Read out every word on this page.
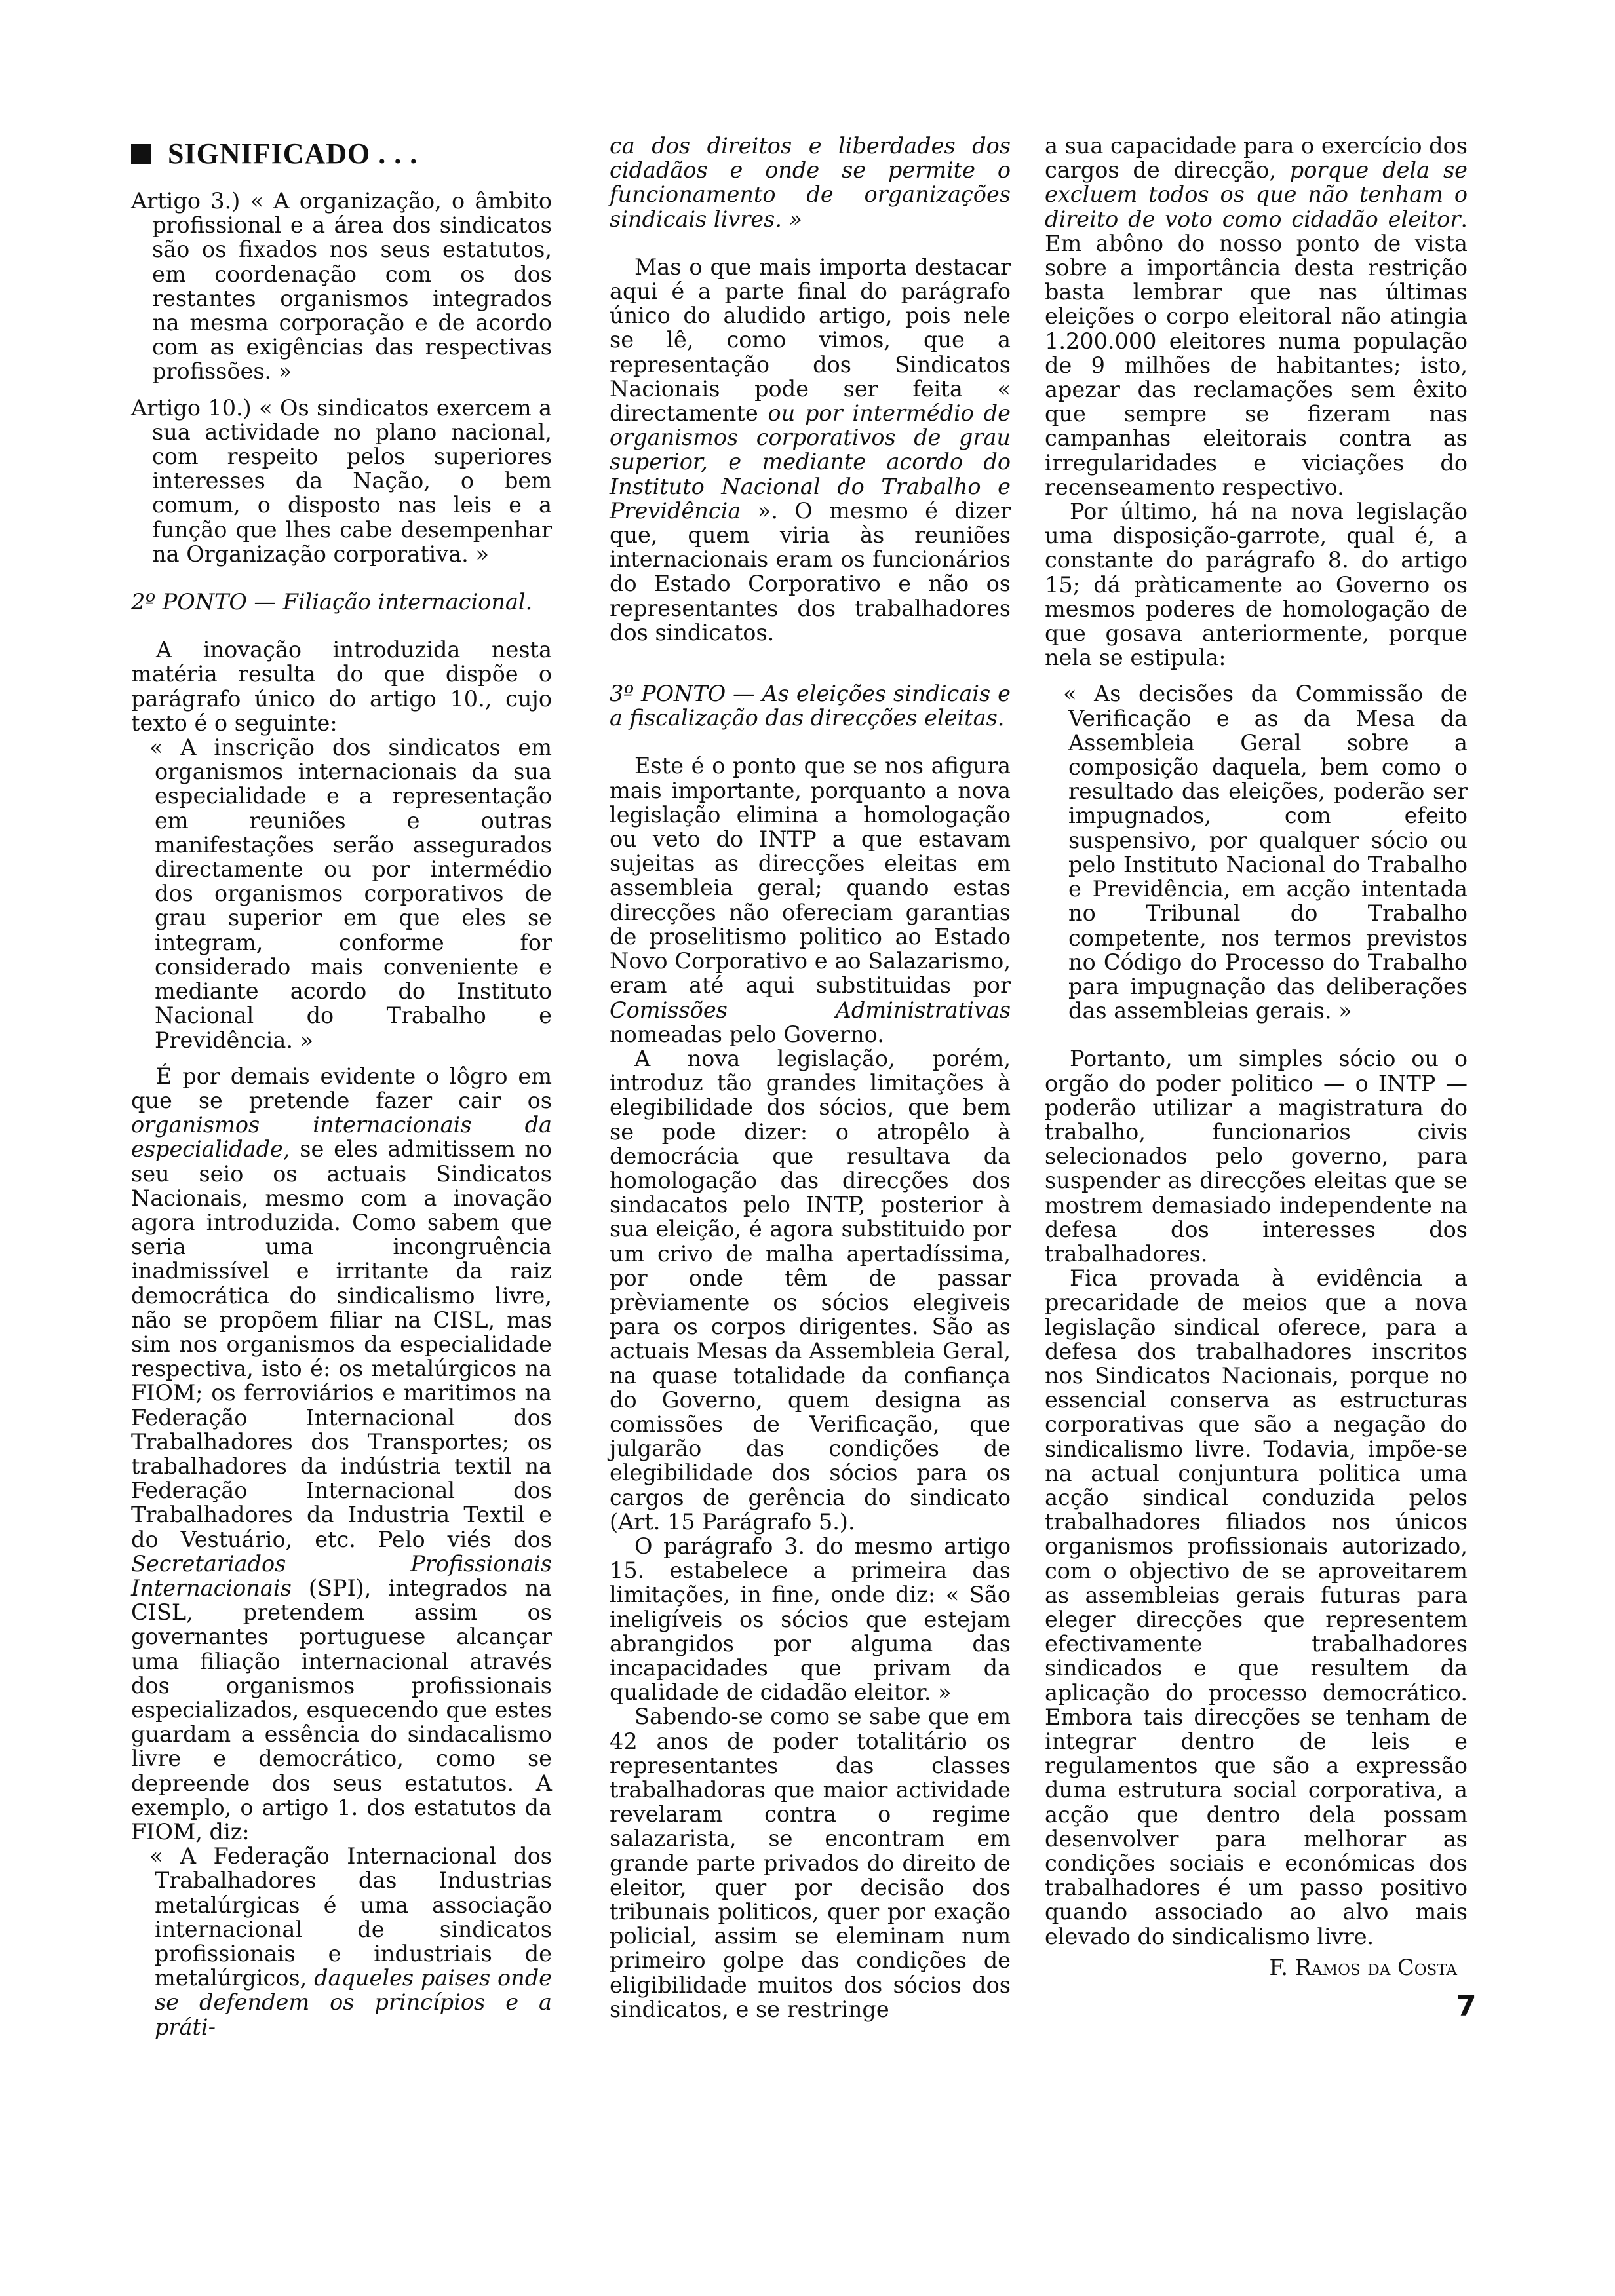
SIGNIFICADO . . .

Artigo 3.) « A organização, o âmbito profissional e a área dos sindicatos são os fixados nos seus estatutos, em coordenação com os dos restantes organismos integrados na mesma corporação e de acordo com as exigências das respectivas profissões. »

Artigo 10.) « Os sindicatos exercem a sua actividade no plano nacional, com respeito pelos superiores interesses da Nação, o bem comum, o disposto nas leis e a função que lhes cabe desempenhar na Organização corporativa. »

2º PONTO — Filiação internacional.

A inovação introduzida nesta matéria resulta do que dispõe o parágrafo único do artigo 10., cujo texto é o seguinte:

« A inscrição dos sindicatos em organismos internacionais da sua especialidade e a representação em reuniões e outras manifestações serão assegurados directamente ou por intermédio dos organismos corporativos de grau superior em que eles se integram, conforme for considerado mais conveniente e mediante acordo do Instituto Nacional do Trabalho e Previdência. »

É por demais evidente o lôgro em que se pretende fazer cair os organismos internacionais da especialidade, se eles admitissem no seu seio os actuais Sindicatos Nacionais, mesmo com a inovação agora introduzida. Como sabem que seria uma incongruência inadmissível e irritante da raiz democrática do sindicalismo livre, não se propõem filiar na CISL, mas sim nos organismos da especialidade respectiva, isto é: os metalúrgicos na FIOM; os ferroviários e maritimos na Federação Internacional dos Trabalhadores dos Transportes; os trabalhadores da indústria textil na Federação Internacional dos Trabalhadores da Industria Textil e do Vestuário, etc. Pelo viés dos Secretariados Profissionais Internacionais (SPI), integrados na CISL, pretendem assim os governantes portuguese alcançar uma filiação internacional através dos organismos profissionais especializados, esquecendo que estes guardam a essência do sindacalismo livre e democrático, como se depreende dos seus estatutos. A exemplo, o artigo 1. dos estatutos da FIOM, diz:

« A Federação Internacional dos Trabalhadores das Industrias metalúrgicas é uma associação internacional de sindicatos profissionais e industriais de metalúrgicos, daqueles paises onde se defendem os princípios e a práti-

ca dos direitos e liberdades dos cidadãos e onde se permite o funcionamento de organizações sindicais livres. »

Mas o que mais importa destacar aqui é a parte final do parágrafo único do aludido artigo, pois nele se lê, como vimos, que a representação dos Sindicatos Nacionais pode ser feita « directamente ou por intermédio de organismos corporativos de grau superior, e mediante acordo do Instituto Nacional do Trabalho e Previdência ». O mesmo é dizer que, quem viria às reuniões internacionais eram os funcionários do Estado Corporativo e não os representantes dos trabalhadores dos sindicatos.

3º PONTO — As eleições sindicais e a fiscalização das direcções eleitas.

Este é o ponto que se nos afigura mais importante, porquanto a nova legislação elimina a homologação ou veto do INTP a que estavam sujeitas as direcções eleitas em assembleia geral; quando estas direcções não ofereciam garantias de proselitismo politico ao Estado Novo Corporativo e ao Salazarismo, eram até aqui substituidas por Comissões Administrativas nomeadas pelo Governo.

A nova legislação, porém, introduz tão grandes limitações à elegibilidade dos sócios, que bem se pode dizer: o atropêlo à democrácia que resultava da homologação das direcções dos sindacatos pelo INTP, posterior à sua eleição, é agora substituido por um crivo de malha apertadíssima, por onde têm de passar prèviamente os sócios elegiveis para os corpos dirigentes. São as actuais Mesas da Assembleia Geral, na quase totalidade da confiança do Governo, quem designa as comissões de Verificação, que julgarão das condições de elegibilidade dos sócios para os cargos de gerência do sindicato (Art. 15 Parágrafo 5.).

O parágrafo 3. do mesmo artigo 15. estabelece a primeira das limitações, in fine, onde diz: « São ineligíveis os sócios que estejam abrangidos por alguma das incapacidades que privam da qualidade de cidadão eleitor. »

Sabendo-se como se sabe que em 42 anos de poder totalitário os representantes das classes trabalhadoras que maior actividade revelaram contra o regime salazarista, se encontram em grande parte privados do direito de eleitor, quer por decisão dos tribunais politicos, quer por exação policial, assim se eleminam num primeiro golpe das condições de eligibilidade muitos dos sócios dos sindicatos, e se restringe

a sua capacidade para o exercício dos cargos de direcção, porque dela se excluem todos os que não tenham o direito de voto como cidadão eleitor. Em abôno do nosso ponto de vista sobre a importância desta restrição basta lembrar que nas últimas eleições o corpo eleitoral não atingia 1.200.000 eleitores numa população de 9 milhões de habitantes; isto, apezar das reclamações sem êxito que sempre se fizeram nas campanhas eleitorais contra as irregularidades e viciações do recenseamento respectivo.

Por último, há na nova legislação uma disposição-garrote, qual é, a constante do parágrafo 8. do artigo 15; dá pràticamente ao Governo os mesmos poderes de homologação de que gosava anteriormente, porque nela se estipula:

« As decisões da Commissão de Verificação e as da Mesa da Assembleia Geral sobre a composição daquela, bem como o resultado das eleições, poderão ser impugnados, com efeito suspensivo, por qualquer sócio ou pelo Instituto Nacional do Trabalho e Previdência, em acção intentada no Tribunal do Trabalho competente, nos termos previstos no Código do Processo do Trabalho para impugnação das deliberações das assembleias gerais. »

Portanto, um simples sócio ou o orgão do poder politico — o INTP — poderão utilizar a magistratura do trabalho, funcionarios civis selecionados pelo governo, para suspender as direcções eleitas que se mostrem demasiado independente na defesa dos interesses dos trabalhadores.

Fica provada à evidência a precaridade de meios que a nova legislação sindical oferece, para a defesa dos trabalhadores inscritos nos Sindicatos Nacionais, porque no essencial conserva as estructuras corporativas que são a negação do sindicalismo livre. Todavia, impõe-se na actual conjuntura politica uma acção sindical conduzida pelos trabalhadores filiados nos únicos organismos profissionais autorizado, com o objectivo de se aproveitarem as assembleias gerais futuras para eleger direcções que representem efectivamente trabalhadores sindicados e que resultem da aplicação do processo democrático. Embora tais direcções se tenham de integrar dentro de leis e regulamentos que são a expressão duma estrutura social corporativa, a acção que dentro dela possam desenvolver para melhorar as condições sociais e económicas dos trabalhadores é um passo positivo quando associado ao alvo mais elevado do sindicalismo livre.

F. Ramos da Costa

7
